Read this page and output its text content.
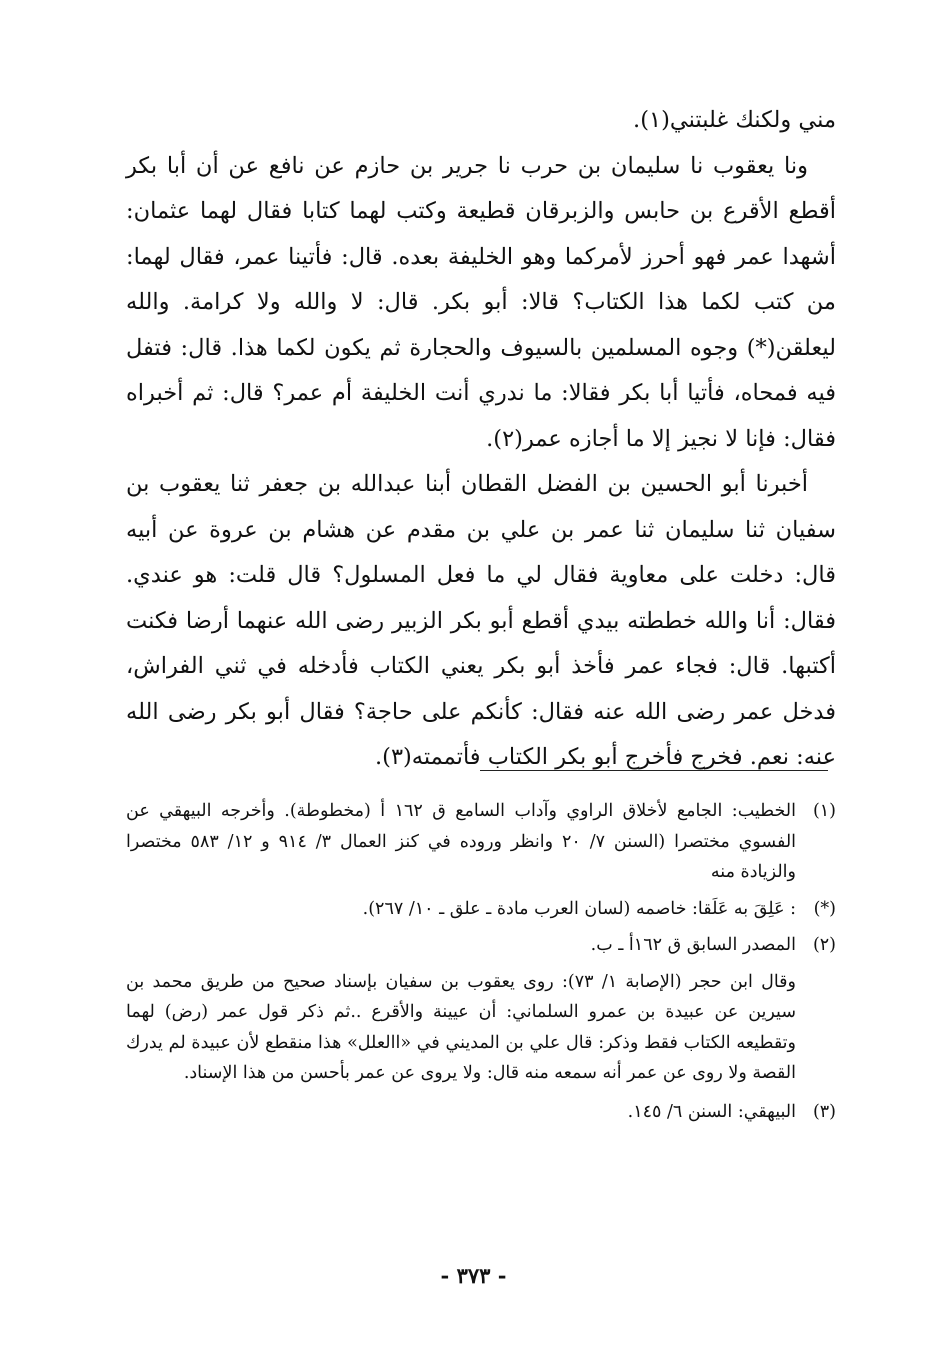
مني ولكنك غلبتني(١).

ونا يعقوب نا سليمان بن حرب نا جرير بن حازم عن نافع عن أن أبا بكر أقطع الأقرع بن حابس والزبرقان قطيعة وكتب لهما كتابا فقال لهما عثمان: أشهدا عمر فهو أحرز لأمركما وهو الخليفة بعده. قال: فأتينا عمر، فقال لهما: من كتب لكما هذا الكتاب؟ قالا: أبو بكر. قال: لا والله ولا كرامة. والله ليعلقن(*) وجوه المسلمين بالسيوف والحجارة ثم يكون لكما هذا. قال: فتفل فيه فمحاه، فأتيا أبا بكر فقالا: ما ندري أنت الخليفة أم عمر؟ قال: ثم أخبراه فقال: فإنا لا نجيز إلا ما أجازه عمر(٢).

أخبرنا أبو الحسين بن الفضل القطان أبنا عبدالله بن جعفر ثنا يعقوب بن سفيان ثنا سليمان ثنا عمر بن علي بن مقدم عن هشام بن عروة عن أبيه قال: دخلت على معاوية فقال لي ما فعل المسلول؟ قال قلت: هو عندي. فقال: أنا والله خططته بيدي أقطع أبو بكر الزبير رضى الله عنهما أرضا فكنت أكتبها. قال: فجاء عمر فأخذ أبو بكر يعني الكتاب فأدخله في ثني الفراش، فدخل عمر رضى الله عنه فقال: كأنكم على حاجة؟ فقال أبو بكر رضى الله عنه: نعم. فخرج فأخرج أبو بكر الكتاب فأتممته(٣).

(١)
الخطيب: الجامع لأخلاق الراوي وآداب السامع ق ١٦٢ أ (مخطوطة). وأخرجه البيهقي عن الفسوي مختصرا (السنن ٧/ ٢٠ وانظر وروده في كنز العمال ٣/ ٩١٤ و ١٢/ ٥٨٣ مختصرا والزيادة منه
(*)
: عَلِقَ به عَلَقا: خاصمه (لسان العرب مادة ـ علق ـ ١٠/ ٢٦٧).
(٢)
المصدر السابق ق ١٦٢أ ـ ب.
وقال ابن حجر (الإصابة ١/ ٧٣): روى يعقوب بن سفيان بإسناد صحيح من طريق محمد بن سيرين عن عبيدة بن عمرو السلماني: أن عيينة والأقرع ..ثم ذكر قول عمر (رض) لهما وتقطيعه الكتاب فقط وذكر: قال علي بن المديني في «االعلل» هذا منقطع لأن عبيدة لم يدرك القصة ولا روى عن عمر أنه سمعه منه قال: ولا يروى عن عمر بأحسن من هذا الإسناد.
(٣)
البيهقي: السنن ٦/ ١٤٥.
- ٣٧٣ -
